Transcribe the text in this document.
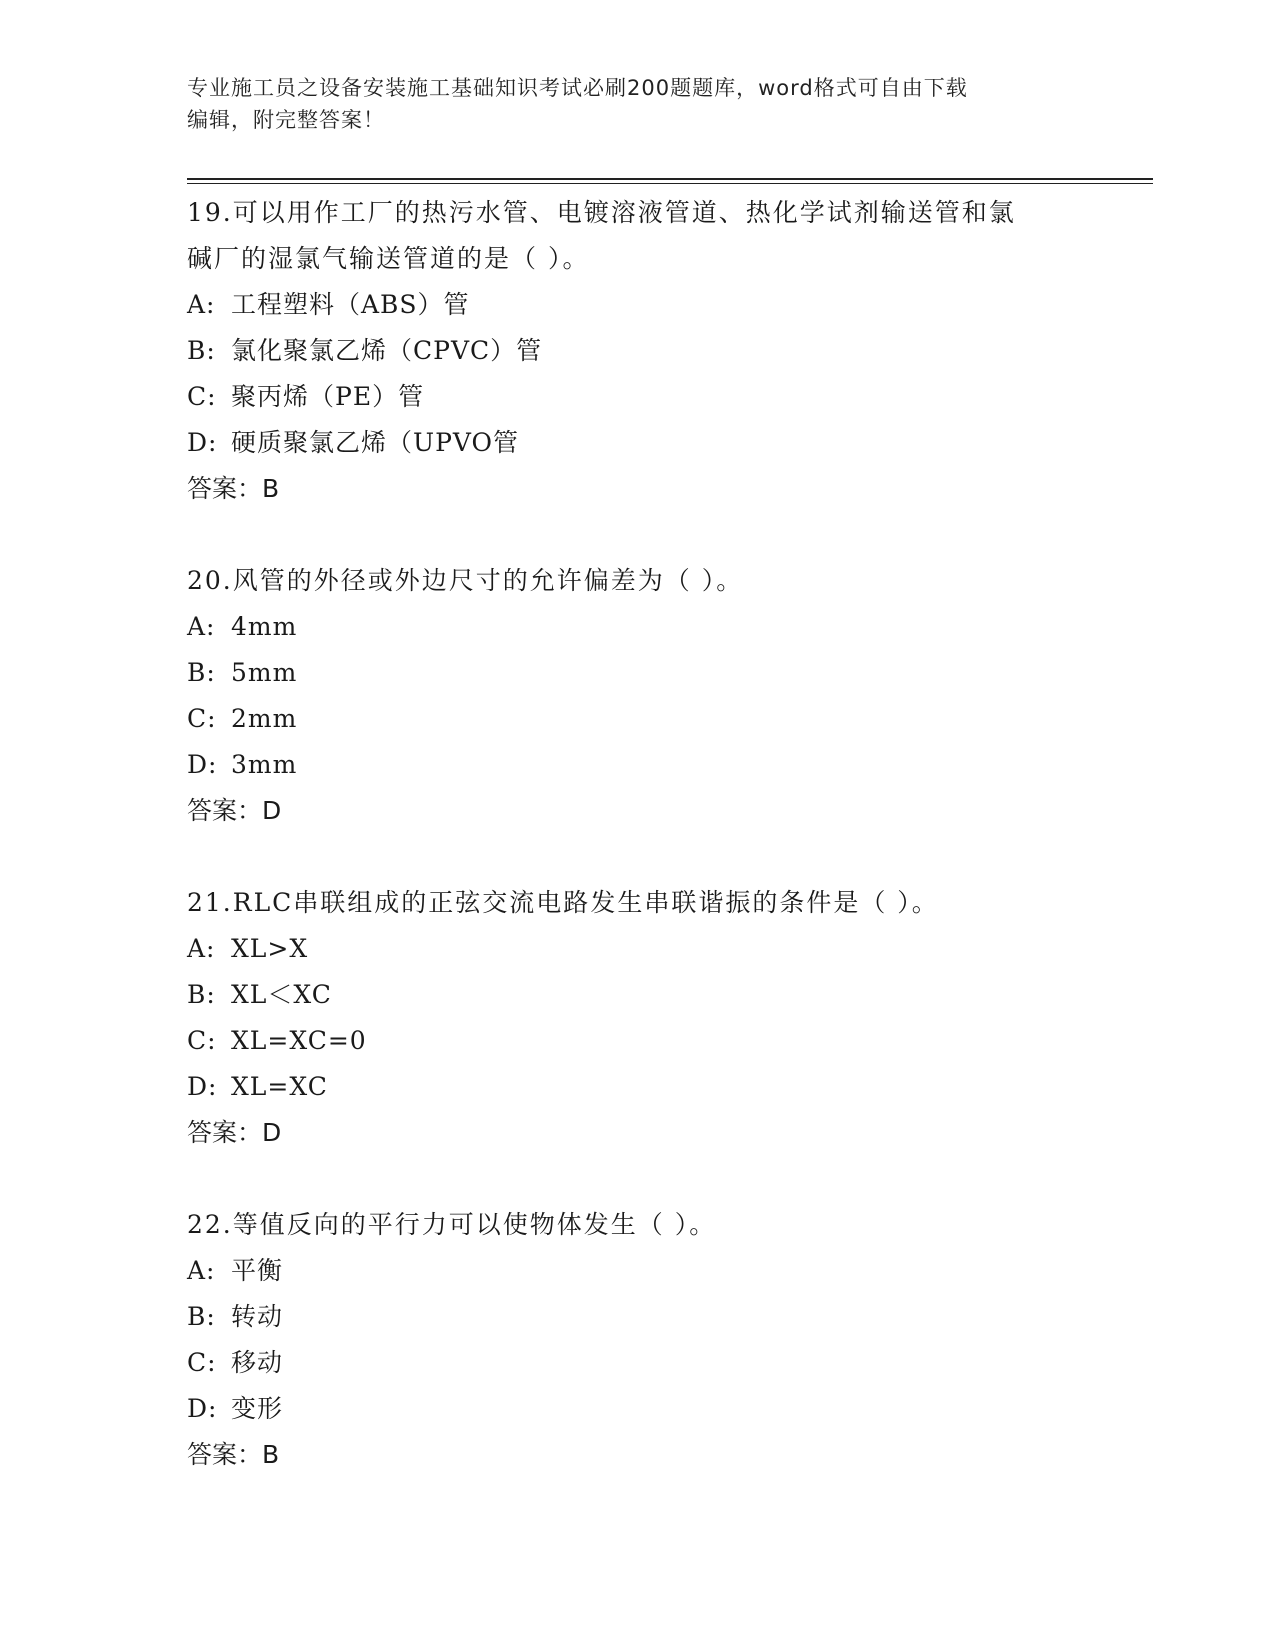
专业施工员之设备安装施工基础知识考试必刷200题题库，word格式可自由下载
编辑，附完整答案！
19.可以用作工厂的热污水管、电镀溶液管道、热化学试剂输送管和氯
碱厂的湿氯气输送管道的是（ ）。
A: 工程塑料（ABS）管
B: 氯化聚氯乙烯（CPVC）管
C: 聚丙烯（PE）管
D: 硬质聚氯乙烯（UPVO管
答案：B
20.风管的外径或外边尺寸的允许偏差为（ ）。
A: 4mm
B: 5mm
C: 2mm
D: 3mm
答案：D
21.RLC串联组成的正弦交流电路发生串联谐振的条件是（ ）。
A: XL>X
B: XL＜XC
C: XL=XC=0
D: XL=XC
答案：D
22.等值反向的平行力可以使物体发生（ ）。
A: 平衡
B: 转动
C: 移动
D: 变形
答案：B
